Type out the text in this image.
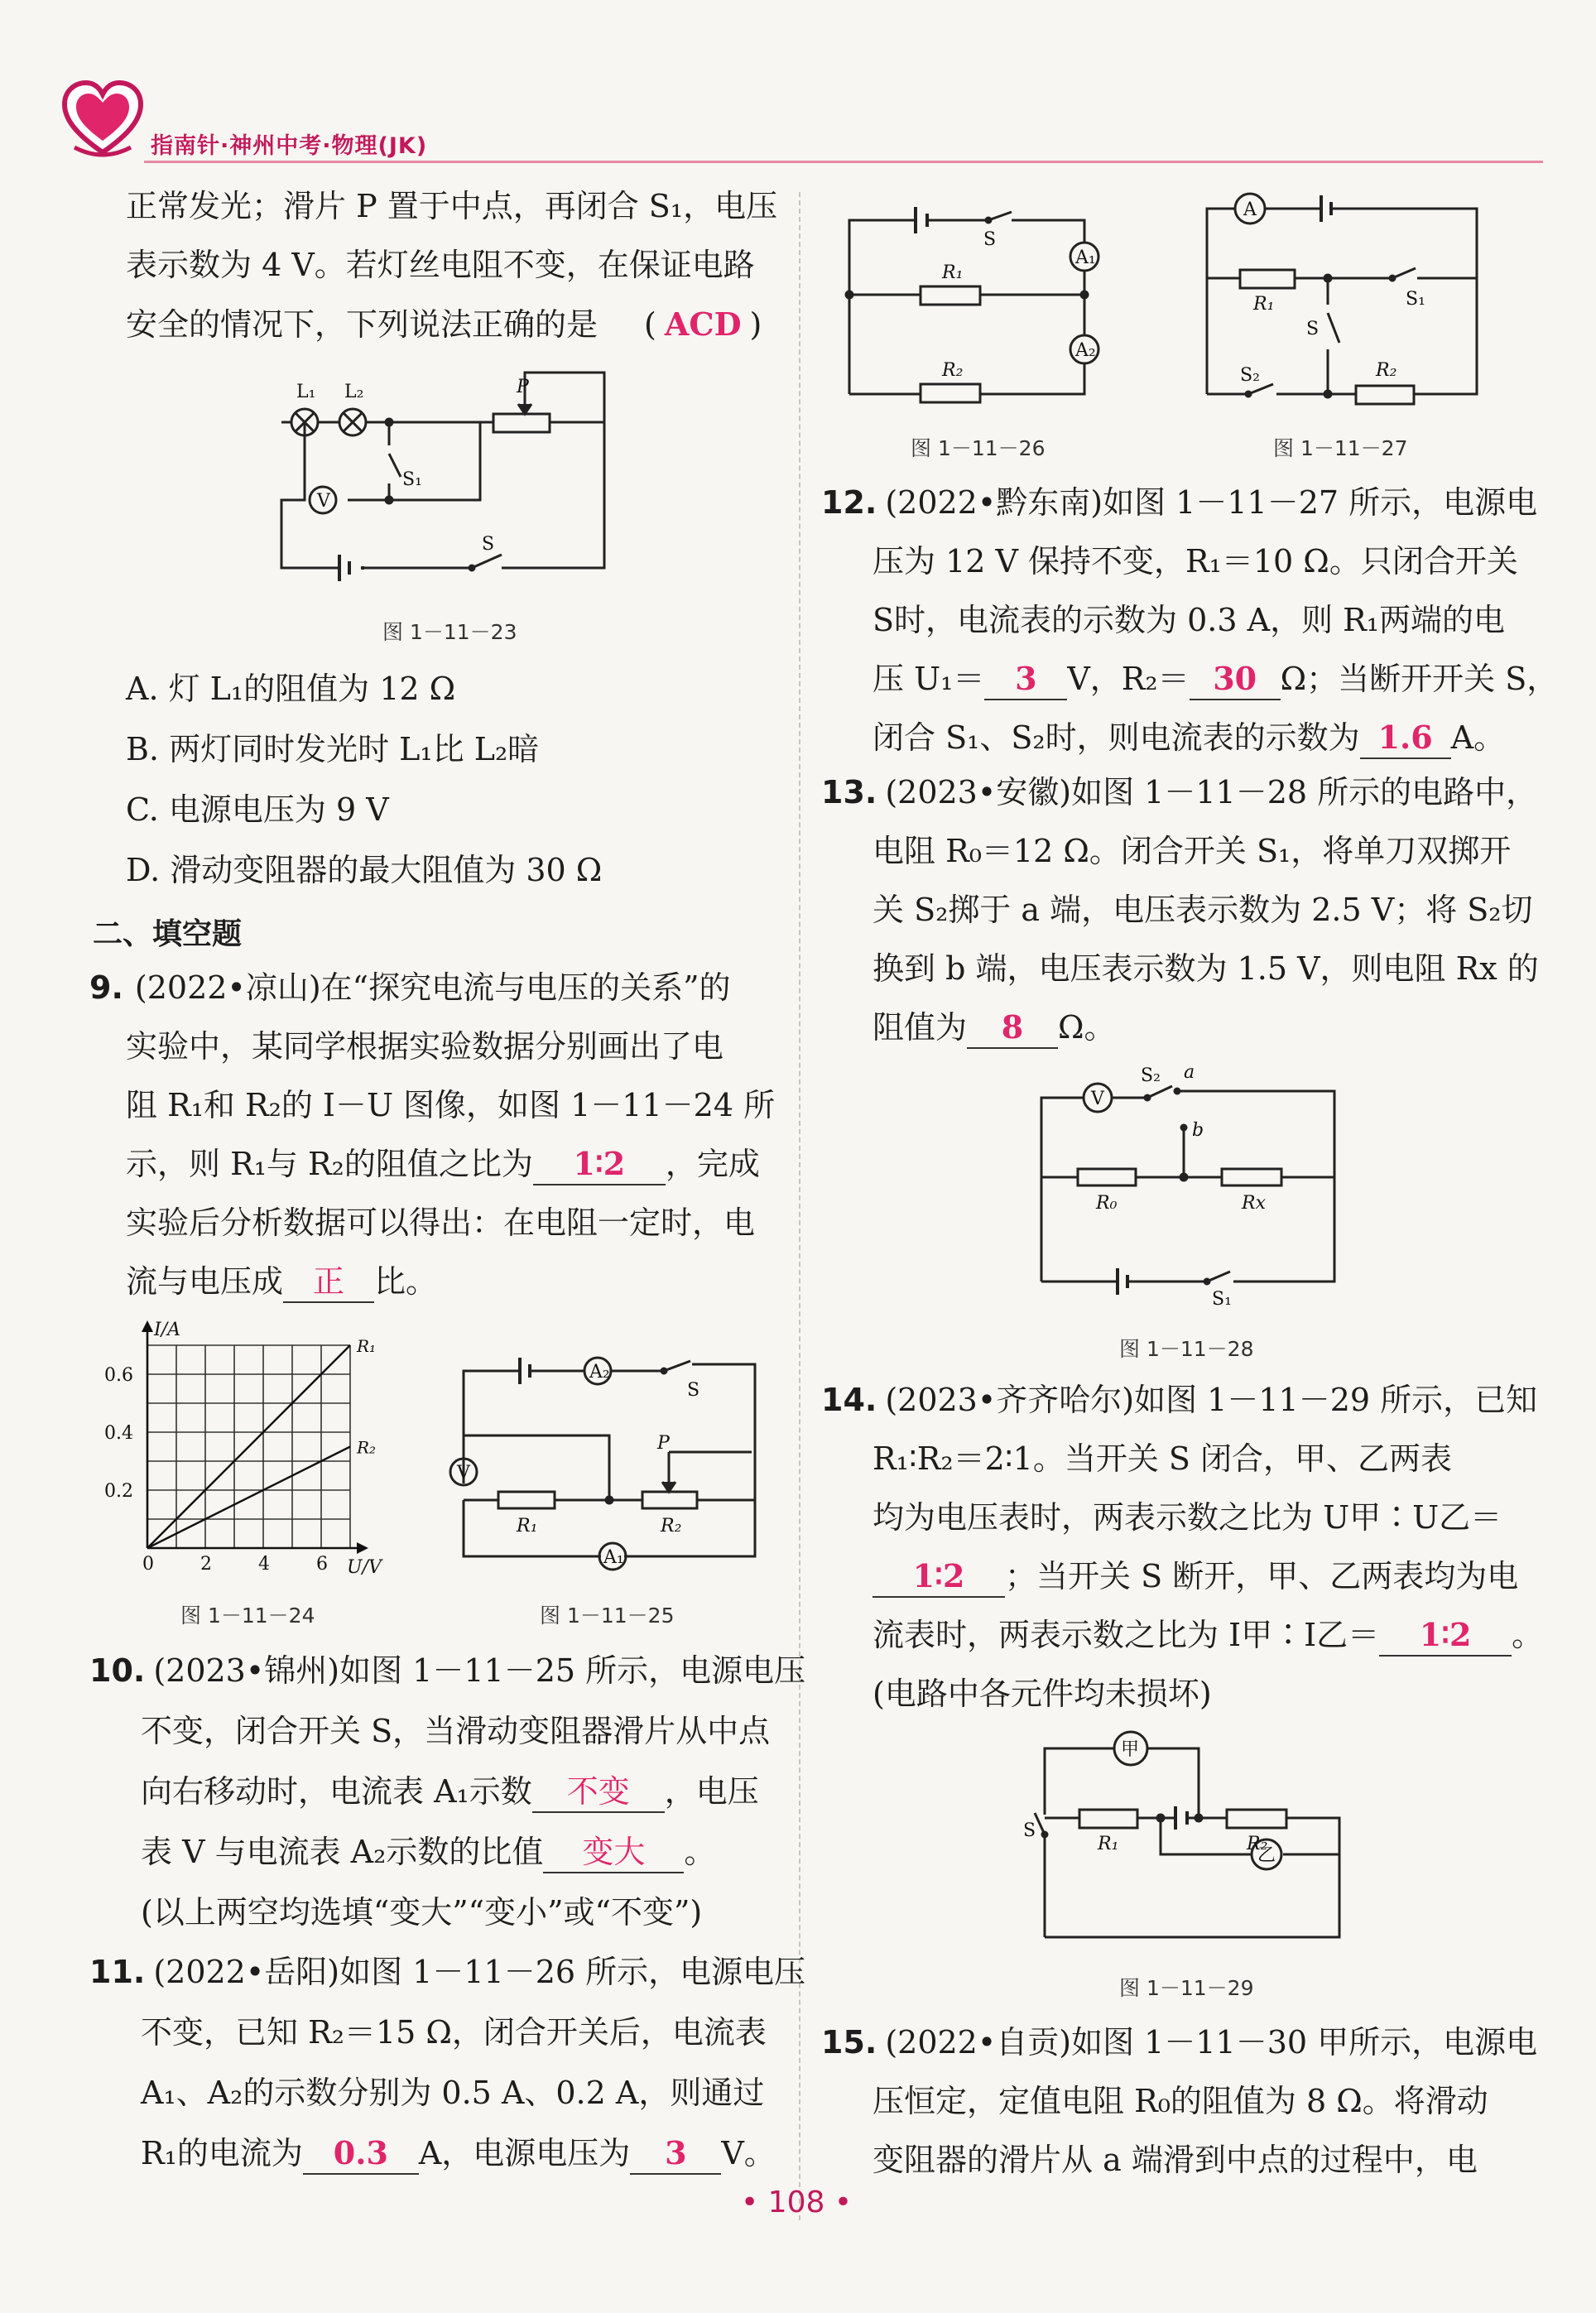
指南针·神州中考·物理(JK)
正常发光；滑片 P 置于中点，再闭合 S₁，电压
表示数为 4 V。若灯丝电阻不变，在保证电路
安全的情况下，下列说法正确的是 ( ACD )
L₁ L₂	P
S₁
V
S
图 1－11－23
A. 灯 L₁的阻值为 12 Ω
B. 两灯同时发光时 L₁比 L₂暗
C. 电源电压为 9 V
D. 滑动变阻器的最大阻值为 30 Ω
二、填空题
9. (2022•凉山)在“探究电流与电压的关系”的
实验中，某同学根据实验数据分别画出了电
阻 R₁和 R₂的 I－U 图像，如图 1－11－24 所
示，则 R₁与 R₂的阻值之比为 1∶2 ，完成
实验后分析数据可以得出：在电阻一定时，电
流与电压成 正 比。
R₁
R₂
0	2	4	6
0.2
0.4
0.6
I/A
U/V
图 1－11－24
A₂
S
V
P
R₁	R₂
A₁
图 1－11－25
10. (2023•锦州)如图 1－11－25 所示，电源电压
不变，闭合开关 S，当滑动变阻器滑片从中点
向右移动时，电流表 A₁示数 不变 ，电压
表 V 与电流表 A₂示数的比值 变大 。
(以上两空均选填“变大”“变小”或“不变”)
11. (2022•岳阳)如图 1－11－26 所示，电源电压
不变，已知 R₂＝15 Ω，闭合开关后，电流表
A₁、A₂的示数分别为 0.5 A、0.2 A，则通过
R₁的电流为 0.3 A，电源电压为 3 V。
S
A₁
A₂
R₁
R₂
图 1－11－26
A
R₁	S₁
S
S₂	R₂
图 1－11－27
12. (2022•黔东南)如图 1－11－27 所示，电源电
压为 12 V 保持不变，R₁＝10 Ω。只闭合开关
S时，电流表的示数为 0.3 A，则 R₁两端的电
压 U₁＝ 3 V，R₂＝ 30 Ω；当断开开关 S，
闭合 S₁、S₂时，则电流表的示数为 1.6 A。
13. (2023•安徽)如图 1－11－28 所示的电路中，
电阻 R₀＝12 Ω。闭合开关 S₁，将单刀双掷开
关 S₂掷于 a 端，电压表示数为 2.5 V；将 S₂切
换到 b 端，电压表示数为 1.5 V，则电阻 Rx 的
阻值为 8 Ω。
V
S₂ a
b
R₀	Rx
S₁
图 1－11－28
14. (2023•齐齐哈尔)如图 1－11－29 所示，已知
R₁∶R₂＝2∶1。当开关 S 闭合，甲、乙两表
均为电压表时，两表示数之比为 U甲∶U乙＝
1∶2 ；当开关 S 断开，甲、乙两表均为电
流表时，两表示数之比为 I甲∶I乙＝ 1∶2 。
(电路中各元件均未损坏)
甲
乙
R₁	R₂
S
图 1－11－29
15. (2022•自贡)如图 1－11－30 甲所示，电源电
压恒定，定值电阻 R₀的阻值为 8 Ω。将滑动
变阻器的滑片从 a 端滑到中点的过程中，电
• 108 •
